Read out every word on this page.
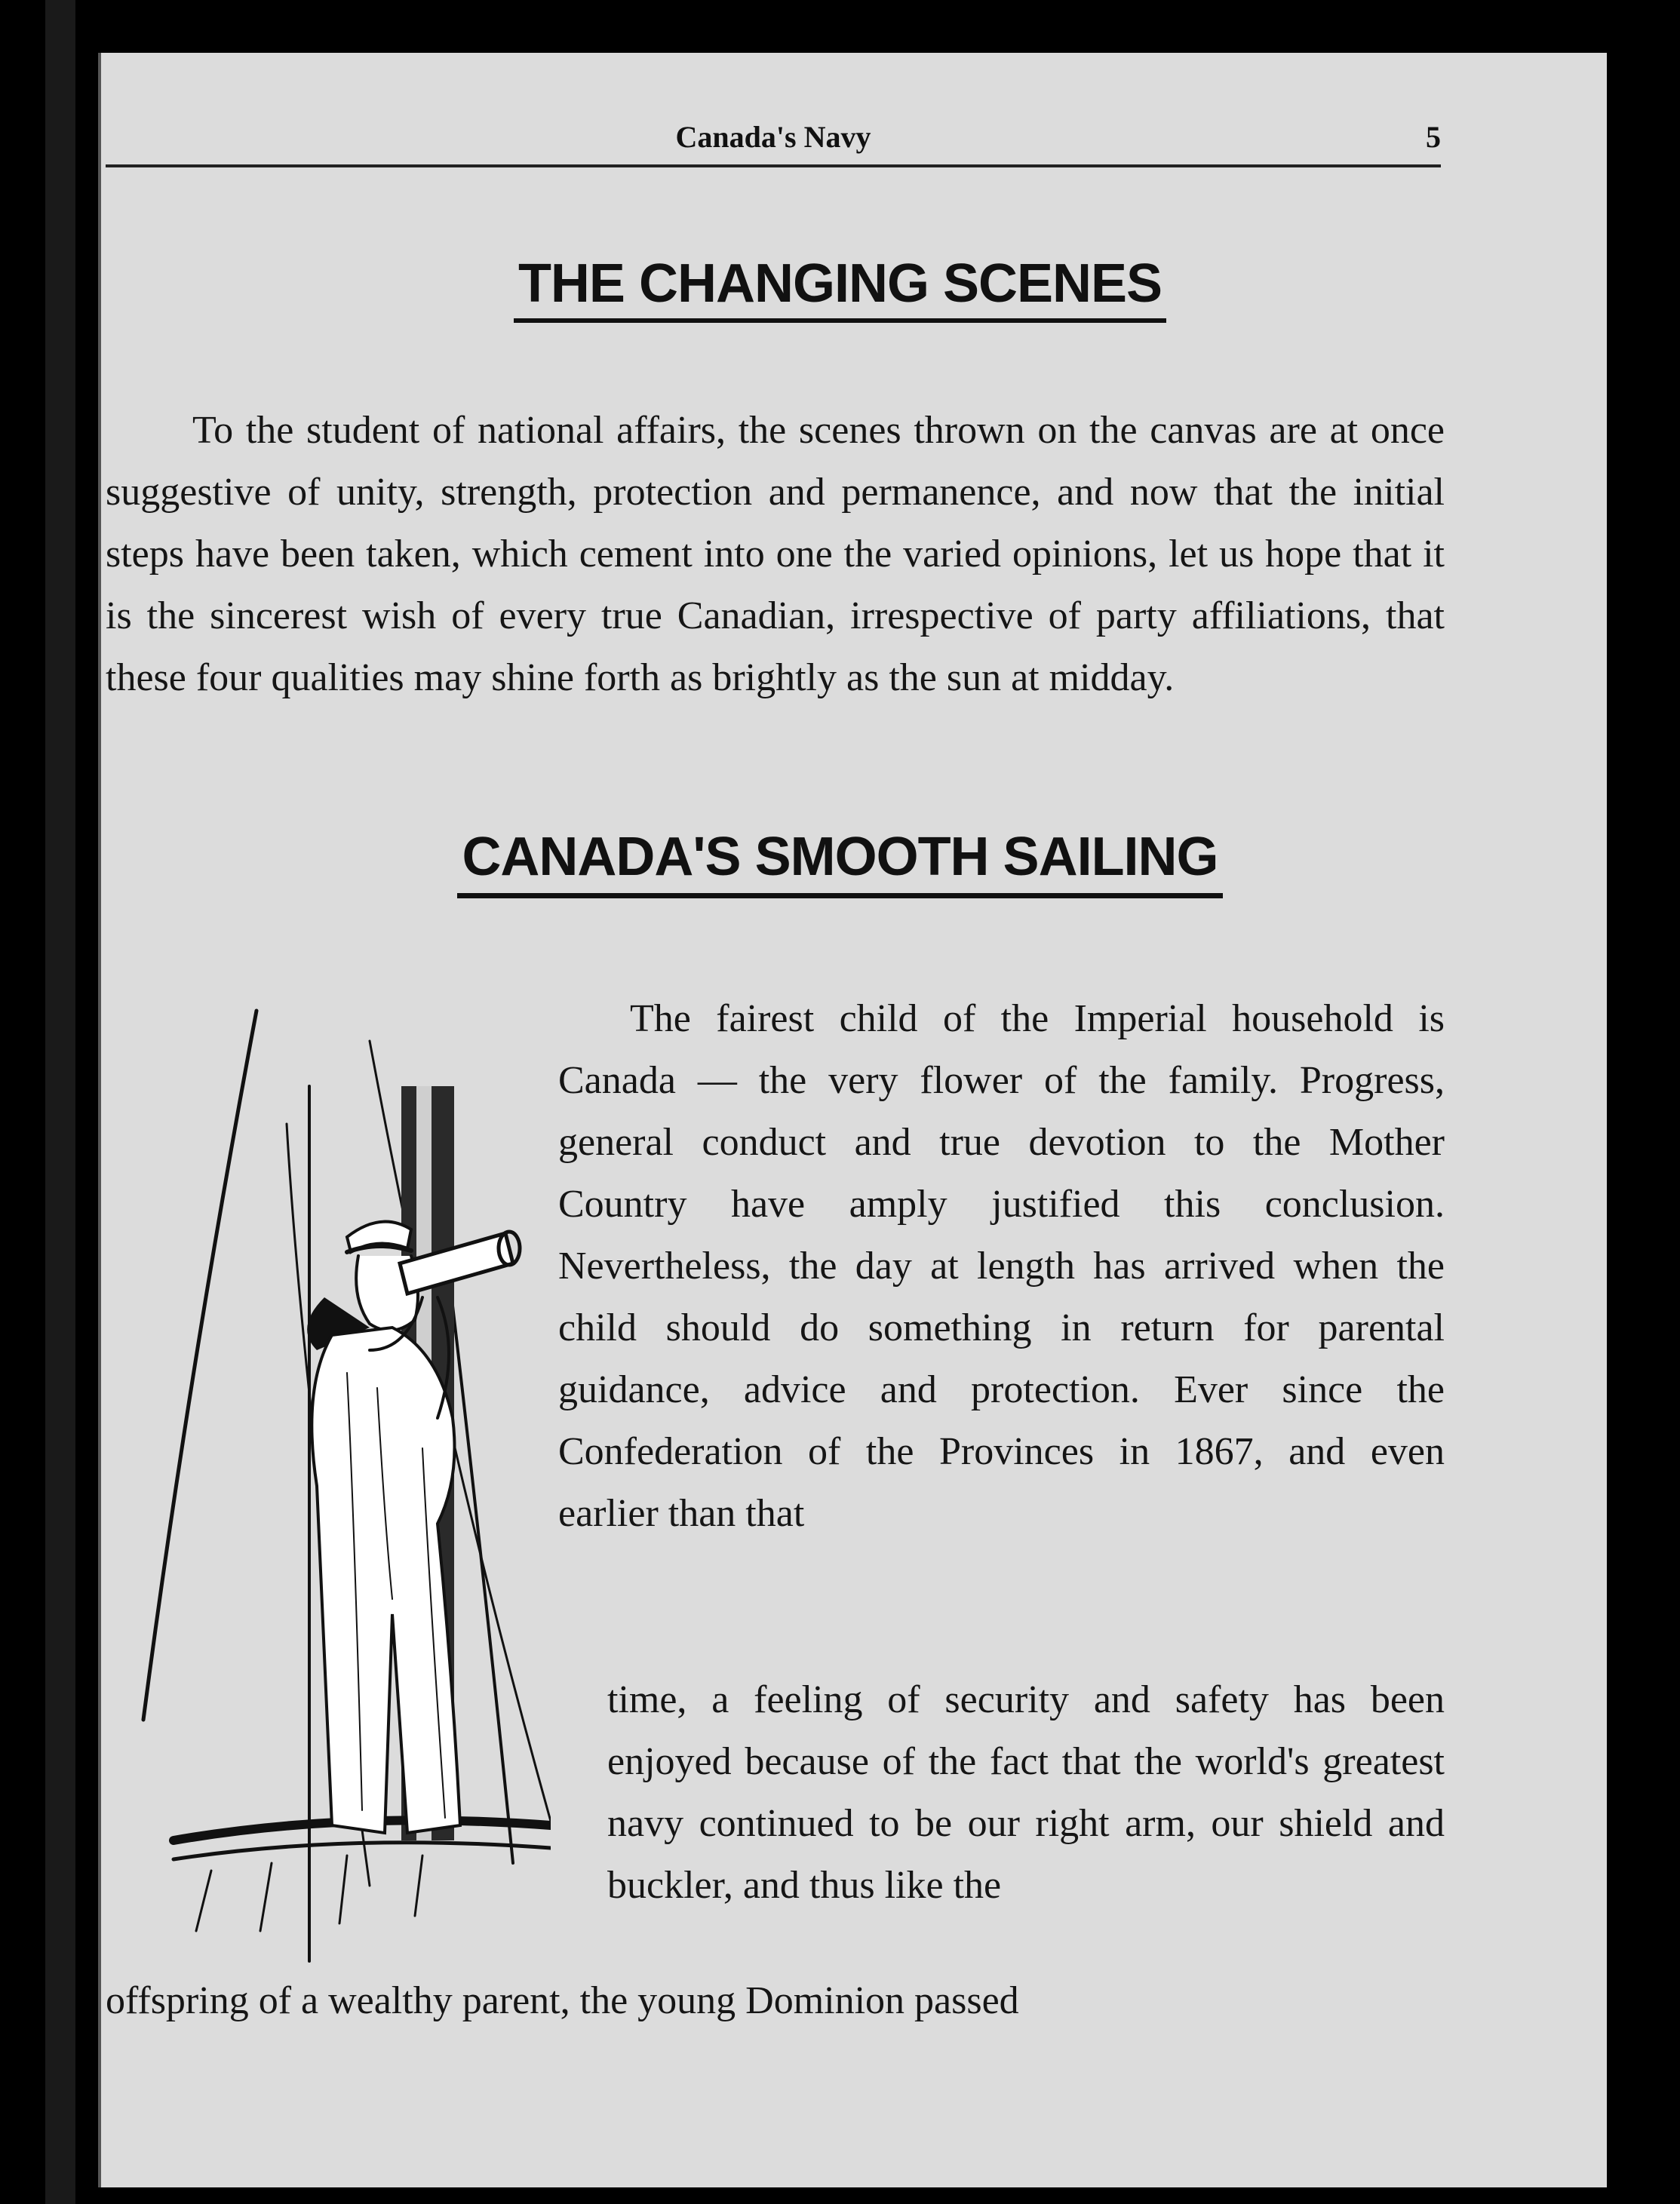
Canada's Navy	5
THE CHANGING SCENES

To the student of national affairs, the scenes thrown on the canvas are at once suggestive of unity, strength, protection and permanence, and now that the initial steps have been taken, which cement into one the varied opinions, let us hope that it is the sincerest wish of every true Canadian, irrespective of party affiliations, that these four qualities may shine forth as brightly as the sun at midday.

CANADA'S SMOOTH SAILING

The fairest child of the Imperial household is Canada — the very flower of the family. Progress, general conduct and true devotion to the Mother Country have amply justified this conclusion. Nevertheless, the day at length has arrived when the child should do something in return for parental guidance, advice and protection. Ever since the Confederation of the Provinces in 1867, and even earlier than that

time, a feeling of security and safety has been enjoyed because of the fact that the world's greatest navy continued to be our right arm, our shield and buckler, and thus like the

offspring of a wealthy parent, the young Dominion passed
